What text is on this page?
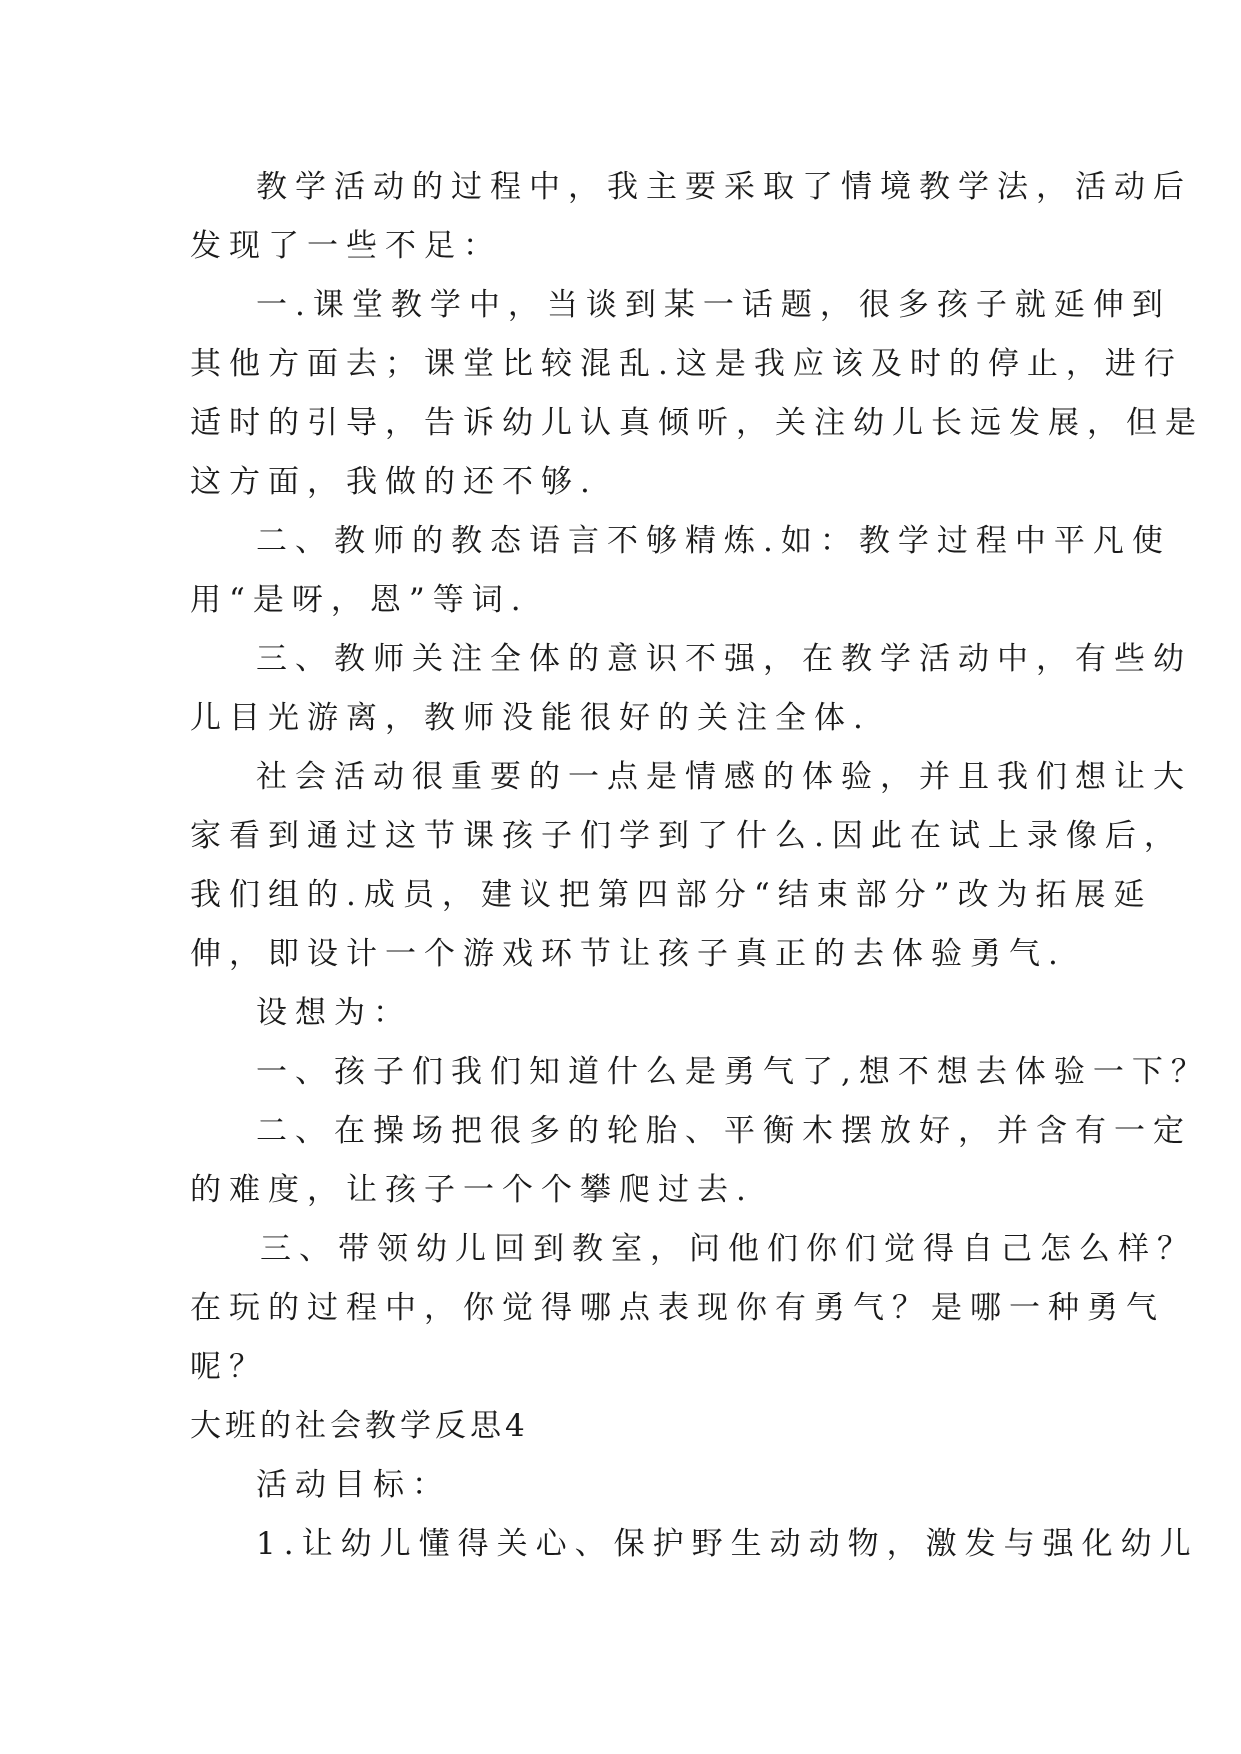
教学活动的过程中，我主要采取了情境教学法，活动后
发现了一些不足：
一.课堂教学中，当谈到某一话题，很多孩子就延伸到
其他方面去；课堂比较混乱.这是我应该及时的停止，进行
适时的引导，告诉幼儿认真倾听，关注幼儿长远发展，但是
这方面，我做的还不够.
二、教师的教态语言不够精炼.如：教学过程中平凡使
用“是呀，恩”等词.
三、教师关注全体的意识不强，在教学活动中，有些幼
儿目光游离，教师没能很好的关注全体.
社会活动很重要的一点是情感的体验，并且我们想让大
家看到通过这节课孩子们学到了什么.因此在试上录像后，
我们组的.成员，建议把第四部分“结束部分”改为拓展延
伸，即设计一个游戏环节让孩子真正的去体验勇气.
设想为：
一、孩子们我们知道什么是勇气了,想不想去体验一下？
二、在操场把很多的轮胎、平衡木摆放好，并含有一定
的难度，让孩子一个个攀爬过去.
三、带领幼儿回到教室，问他们你们觉得自己怎么样？
在玩的过程中，你觉得哪点表现你有勇气？是哪一种勇气
呢？
大班的社会教学反思4
活动目标：
1.让幼儿懂得关心、保护野生动动物，激发与强化幼儿
